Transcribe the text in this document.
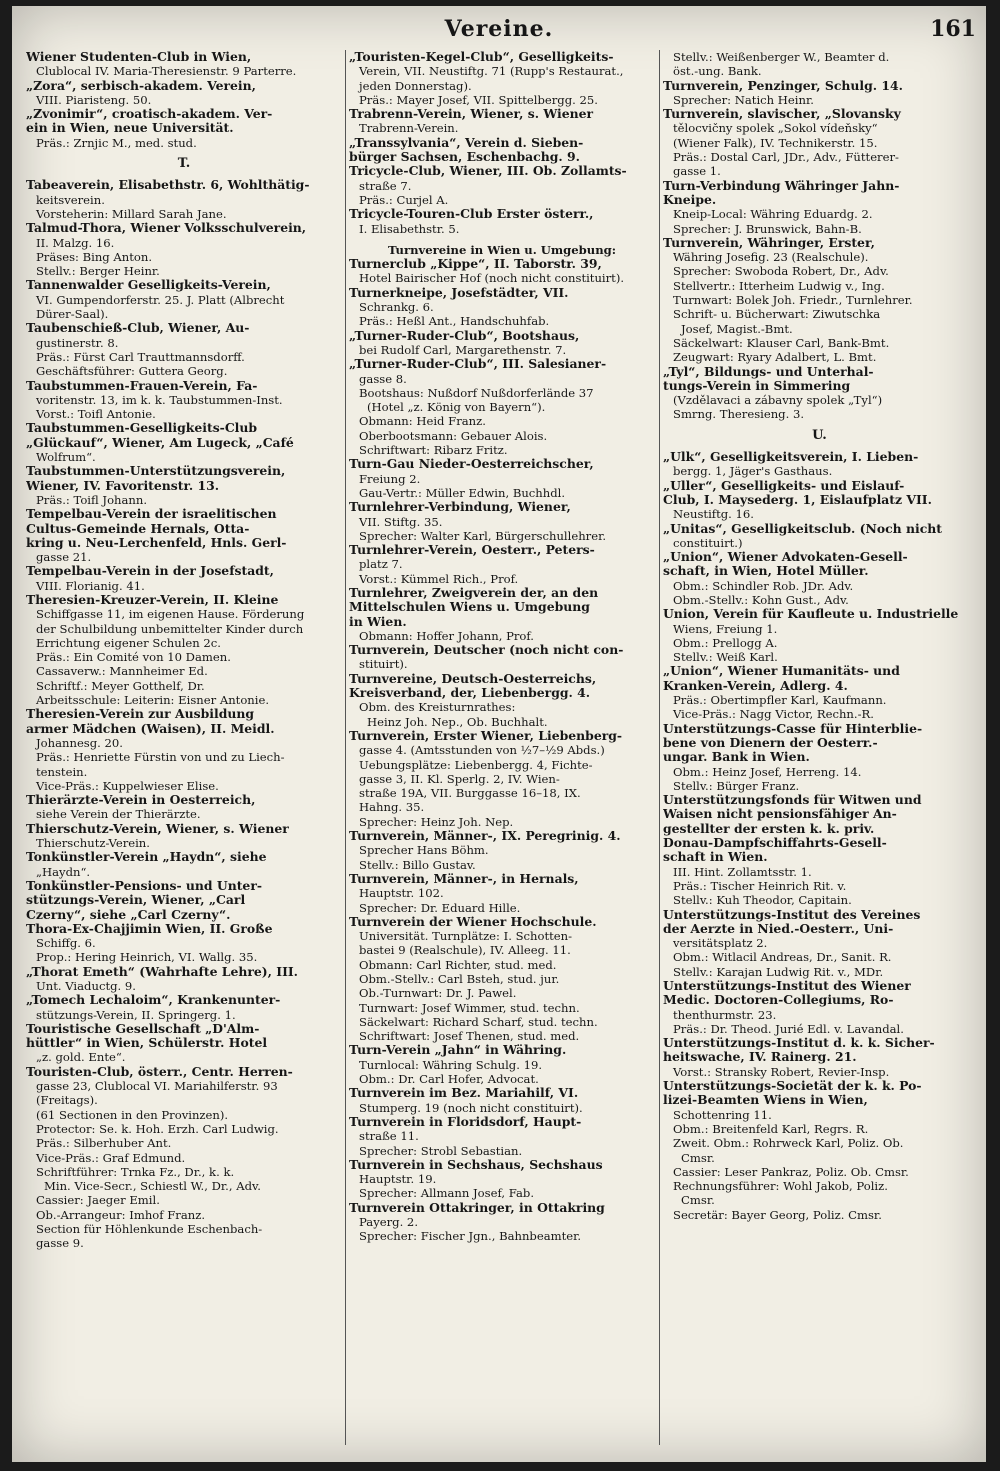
Vereine.	161
Wiener Studenten-Club in Wien,
Clublocal IV. Maria-Theresienstr. 9 Parterre.
„Zora“, serbisch-akadem. Verein,
VIII. Piaristeng. 50.
„Zvonimir“, croatisch-akadem. Ver-
ein in Wien, neue Universität.
Präs.: Zrnjic M., med. stud.
T.
Tabeaverein, Elisabethstr. 6, Wohlthätig-
keitsverein.
Vorsteherin: Millard Sarah Jane.
Talmud-Thora, Wiener Volksschulverein,
II. Malzg. 16.
Präses: Bing Anton.
Stellv.: Berger Heinr.
Tannenwalder Geselligkeits-Verein,
VI. Gumpendorferstr. 25. J. Platt (Albrecht
Dürer-Saal).
Taubenschieß-Club, Wiener, Au-
gustinerstr. 8.
Präs.: Fürst Carl Trauttmannsdorff.
Geschäftsführer: Guttera Georg.
Taubstummen-Frauen-Verein, Fa-
voritenstr. 13, im k. k. Taubstummen-Inst.
Vorst.: Toifl Antonie.
Taubstummen-Geselligkeits-Club
„Glückauf“, Wiener, Am Lugeck, „Café
Wolfrum“.
Taubstummen-Unterstützungsverein,
Wiener, IV. Favoritenstr. 13.
Präs.: Toifl Johann.
Tempelbau-Verein der israelitischen
Cultus-Gemeinde Hernals, Otta-
kring u. Neu-Lerchenfeld, Hnls. Gerl-
gasse 21.
Tempelbau-Verein in der Josefstadt,
VIII. Florianig. 41.
Theresien-Kreuzer-Verein, II. Kleine
Schiffgasse 11, im eigenen Hause. Förderung
der Schulbildung unbemittelter Kinder durch
Errichtung eigener Schulen 2c.
Präs.: Ein Comité von 10 Damen.
Cassaverw.: Mannheimer Ed.
Schriftf.: Meyer Gotthelf, Dr.
Arbeitsschule: Leiterin: Eisner Antonie.
Theresien-Verein zur Ausbildung
armer Mädchen (Waisen), II. Meidl.
Johannesg. 20.
Präs.: Henriette Fürstin von und zu Liech-
tenstein.
Vice-Präs.: Kuppelwieser Elise.
Thierärzte-Verein in Oesterreich,
siehe Verein der Thierärzte.
Thierschutz-Verein, Wiener, s. Wiener
Thierschutz-Verein.
Tonkünstler-Verein „Haydn“, siehe
„Haydn“.
Tonkünstler-Pensions- und Unter-
stützungs-Verein, Wiener, „Carl
Czerny“, siehe „Carl Czerny“.
Thora-Ex-Chajjimin Wien, II. Große
Schiffg. 6.
Prop.: Hering Heinrich, VI. Wallg. 35.
„Thorat Emeth“ (Wahrhafte Lehre), III.
Unt. Viaductg. 9.
„Tomech Lechaloim“, Krankenunter-
stützungs-Verein, II. Springerg. 1.
Touristische Gesellschaft „D'Alm-
hüttler“ in Wien, Schülerstr. Hotel
„z. gold. Ente“.
Touristen-Club, österr., Centr. Herren-
gasse 23, Clublocal VI. Mariahilferstr. 93
(Freitags).
(61 Sectionen in den Provinzen).
Protector: Se. k. Hoh. Erzh. Carl Ludwig.
Präs.: Silberhuber Ant.
Vice-Präs.: Graf Edmund.
Schriftführer: Trnka Fz., Dr., k. k.
Min. Vice-Secr., Schiestl W., Dr., Adv.
Cassier: Jaeger Emil.
Ob.-Arrangeur: Imhof Franz.
Section für Höhlenkunde Eschenbach-
gasse 9.
„Touristen-Kegel-Club“, Geselligkeits-
Verein, VII. Neustiftg. 71 (Rupp's Restaurat.,
jeden Donnerstag).
Präs.: Mayer Josef, VII. Spittelbergg. 25.
Trabrenn-Verein, Wiener, s. Wiener
Trabrenn-Verein.
„Transsylvania“, Verein d. Sieben-
bürger Sachsen, Eschenbachg. 9.
Tricycle-Club, Wiener, III. Ob. Zollamts-
straße 7.
Präs.: Curjel A.
Tricycle-Touren-Club Erster österr.,
I. Elisabethstr. 5.
Turnvereine in Wien u. Umgebung:
Turnerclub „Kippe“, II. Taborstr. 39,
Hotel Bairischer Hof (noch nicht constituirt).
Turnerkneipe, Josefstädter, VII.
Schrankg. 6.
Präs.: Heßl Ant., Handschuhfab.
„Turner-Ruder-Club“, Bootshaus,
bei Rudolf Carl, Margarethenstr. 7.
„Turner-Ruder-Club“, III. Salesianer-
gasse 8.
Bootshaus: Nußdorf Nußdorferlände 37
(Hotel „z. König von Bayern“).
Obmann: Heid Franz.
Oberbootsmann: Gebauer Alois.
Schriftwart: Ribarz Fritz.
Turn-Gau Nieder-Oesterreichscher,
Freiung 2.
Gau-Vertr.: Müller Edwin, Buchhdl.
Turnlehrer-Verbindung, Wiener,
VII. Stiftg. 35.
Sprecher: Walter Karl, Bürgerschullehrer.
Turnlehrer-Verein, Oesterr., Peters-
platz 7.
Vorst.: Kümmel Rich., Prof.
Turnlehrer, Zweigverein der, an den
Mittelschulen Wiens u. Umgebung
in Wien.
Obmann: Hoffer Johann, Prof.
Turnverein, Deutscher (noch nicht con-
stituirt).
Turnvereine, Deutsch-Oesterreichs,
Kreisverband, der, Liebenbergg. 4.
Obm. des Kreisturnrathes:
Heinz Joh. Nep., Ob. Buchhalt.
Turnverein, Erster Wiener, Liebenberg-
gasse 4. (Amtsstunden von ½7–½9 Abds.)
Uebungsplätze: Liebenbergg. 4, Fichte-
gasse 3, II. Kl. Sperlg. 2, IV. Wien-
straße 19A, VII. Burggasse 16–18, IX.
Hahng. 35.
Sprecher: Heinz Joh. Nep.
Turnverein, Männer-, IX. Peregrinig. 4.
Sprecher Hans Böhm.
Stellv.: Billo Gustav.
Turnverein, Männer-, in Hernals,
Hauptstr. 102.
Sprecher: Dr. Eduard Hille.
Turnverein der Wiener Hochschule.
Universität. Turnplätze: I. Schotten-
bastei 9 (Realschule), IV. Alleeg. 11.
Obmann: Carl Richter, stud. med.
Obm.-Stellv.: Carl Bsteh, stud. jur.
Ob.-Turnwart: Dr. J. Pawel.
Turnwart: Josef Wimmer, stud. techn.
Säckelwart: Richard Scharf, stud. techn.
Schriftwart: Josef Thenen, stud. med.
Turn-Verein „Jahn“ in Währing.
Turnlocal: Währing Schulg. 19.
Obm.: Dr. Carl Hofer, Advocat.
Turnverein im Bez. Mariahilf, VI.
Stumperg. 19 (noch nicht constituirt).
Turnverein in Floridsdorf, Haupt-
straße 11.
Sprecher: Strobl Sebastian.
Turnverein in Sechshaus, Sechshaus
Hauptstr. 19.
Sprecher: Allmann Josef, Fab.
Turnverein Ottakringer, in Ottakring
Payerg. 2.
Sprecher: Fischer Jgn., Bahnbeamter.
Stellv.: Weißenberger W., Beamter d.
öst.-ung. Bank.
Turnverein, Penzinger, Schulg. 14.
Sprecher: Natich Heinr.
Turnverein, slavischer, „Slovansky
tělocvičny spolek „Sokol vídeňsky“
(Wiener Falk), IV. Technikerstr. 15.
Präs.: Dostal Carl, JDr., Adv., Fütterer-
gasse 1.
Turn-Verbindung Währinger Jahn-
Kneipe.
Kneip-Local: Währing Eduardg. 2.
Sprecher: J. Brunswick, Bahn-B.
Turnverein, Währinger, Erster,
Währing Josefig. 23 (Realschule).
Sprecher: Swoboda Robert, Dr., Adv.
Stellvertr.: Itterheim Ludwig v., Ing.
Turnwart: Bolek Joh. Friedr., Turnlehrer.
Schrift- u. Bücherwart: Ziwutschka
Josef, Magist.-Bmt.
Säckelwart: Klauser Carl, Bank-Bmt.
Zeugwart: Ryary Adalbert, L. Bmt.
„Tyl“, Bildungs- und Unterhal-
tungs-Verein in Simmering
(Vzdělavaci a zábavny spolek „Tyl“)
Smrng. Theresieng. 3.
U.
„Ulk“, Geselligkeitsverein, I. Lieben-
bergg. 1, Jäger's Gasthaus.
„Uller“, Geselligkeits- und Eislauf-
Club, I. Maysederg. 1, Eislaufplatz VII.
Neustiftg. 16.
„Unitas“, Geselligkeitsclub. (Noch nicht
constituirt.)
„Union“, Wiener Advokaten-Gesell-
schaft, in Wien, Hotel Müller.
Obm.: Schindler Rob. JDr. Adv.
Obm.-Stellv.: Kohn Gust., Adv.
Union, Verein für Kaufleute u. Industrielle
Wiens, Freiung 1.
Obm.: Prellogg A.
Stellv.: Weiß Karl.
„Union“, Wiener Humanitäts- und
Kranken-Verein, Adlerg. 4.
Präs.: Obertimpfler Karl, Kaufmann.
Vice-Präs.: Nagg Victor, Rechn.-R.
Unterstützungs-Casse für Hinterblie-
bene von Dienern der Oesterr.-
ungar. Bank in Wien.
Obm.: Heinz Josef, Herreng. 14.
Stellv.: Bürger Franz.
Unterstützungsfonds für Witwen und
Waisen nicht pensionsfähiger An-
gestellter der ersten k. k. priv.
Donau-Dampfschiffahrts-Gesell-
schaft in Wien.
III. Hint. Zollamtsstr. 1.
Präs.: Tischer Heinrich Rit. v.
Stellv.: Kuh Theodor, Capitain.
Unterstützungs-Institut des Vereines
der Aerzte in Nied.-Oesterr., Uni-
versitätsplatz 2.
Obm.: Witlacil Andreas, Dr., Sanit. R.
Stellv.: Karajan Ludwig Rit. v., MDr.
Unterstützungs-Institut des Wiener
Medic. Doctoren-Collegiums, Ro-
thenthurmstr. 23.
Präs.: Dr. Theod. Jurié Edl. v. Lavandal.
Unterstützungs-Institut d. k. k. Sicher-
heitswache, IV. Rainerg. 21.
Vorst.: Stransky Robert, Revier-Insp.
Unterstützungs-Societät der k. k. Po-
lizei-Beamten Wiens in Wien,
Schottenring 11.
Obm.: Breitenfeld Karl, Regrs. R.
Zweit. Obm.: Rohrweck Karl, Poliz. Ob.
Cmsr.
Cassier: Leser Pankraz, Poliz. Ob. Cmsr.
Rechnungsführer: Wohl Jakob, Poliz.
Cmsr.
Secretär: Bayer Georg, Poliz. Cmsr.
